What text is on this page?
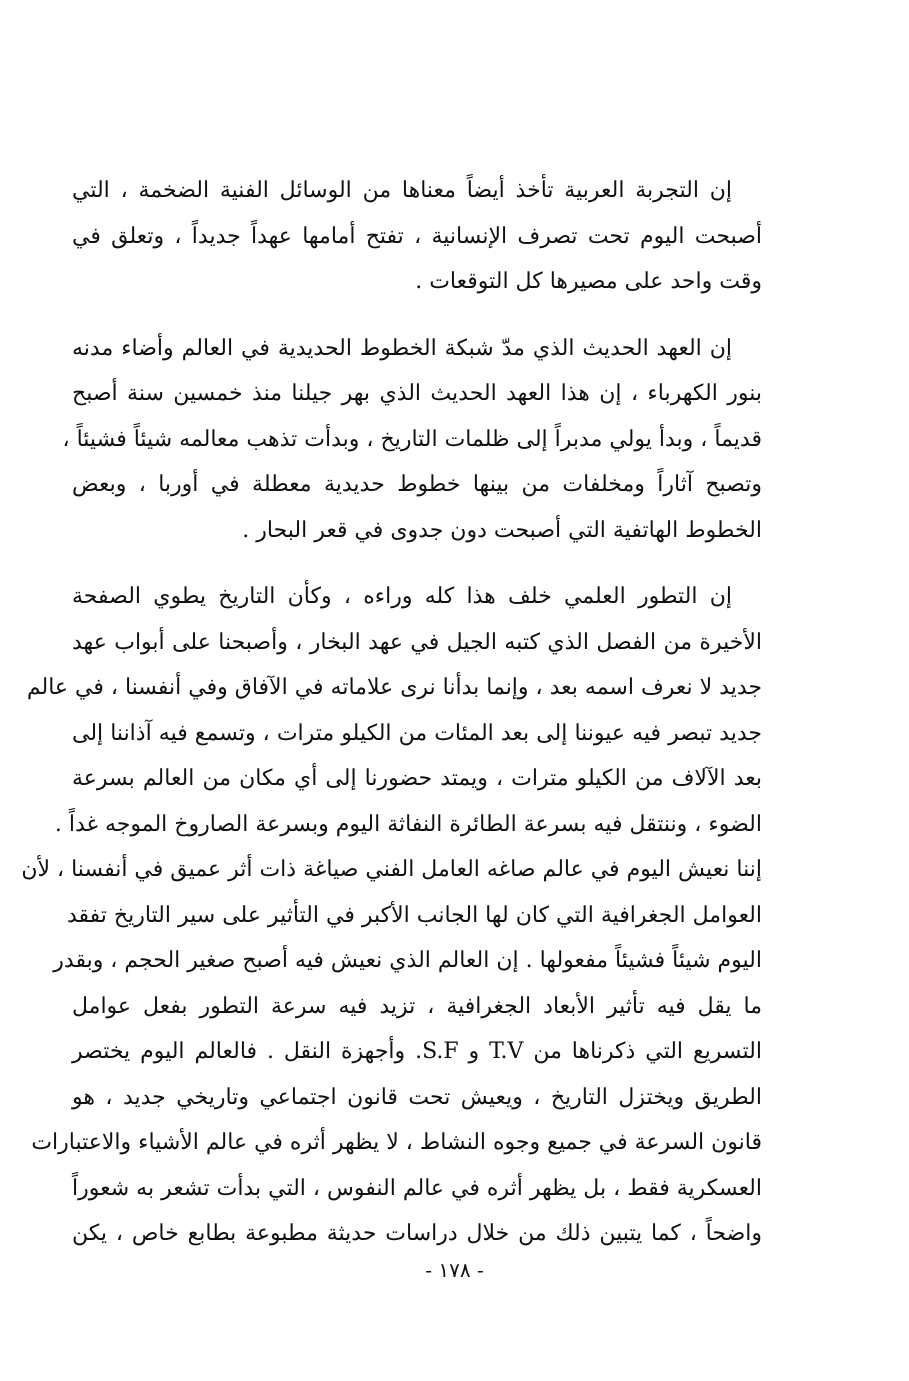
إن التجربة العربية تأخذ أيضاً معناها من الوسائل الفنية الضخمة ، التي
أصبحت اليوم تحت تصرف الإنسانية ، تفتح أمامها عهداً جديداً ، وتعلق في
وقت واحد على مصيرها كل التوقعات .

إن العهد الحديث الذي مدّ شبكة الخطوط الحديدية في العالم وأضاء مدنه
بنور الكهرباء ، إن هذا العهد الحديث الذي بهر جيلنا منذ خمسين سنة أصبح
قديماً ، وبدأ يولي مدبراً إلى ظلمات التاريخ ، وبدأت تذهب معالمه شيئاً فشيئاً ،
وتصبح آثاراً ومخلفات من بينها خطوط حديدية معطلة في أوربا ، وبعض
الخطوط الهاتفية التي أصبحت دون جدوى في قعر البحار .

إن التطور العلمي خلف هذا كله وراءه ، وكأن التاريخ يطوي الصفحة
الأخيرة من الفصل الذي كتبه الجيل في عهد البخار ، وأصبحنا على أبواب عهد
جديد لا نعرف اسمه بعد ، وإنما بدأنا نرى علاماته في الآفاق وفي أنفسنا ، في عالم
جديد تبصر فيه عيوننا إلى بعد المئات من الكيلو مترات ، وتسمع فيه آذاننا إلى
بعد الآلاف من الكيلو مترات ، ويمتد حضورنا إلى أي مكان من العالم بسرعة
الضوء ، وننتقل فيه بسرعة الطائرة النفاثة اليوم وبسرعة الصاروخ الموجه غداً .
إننا نعيش اليوم في عالم صاغه العامل الفني صياغة ذات أثر عميق في أنفسنا ، لأن
العوامل الجغرافية التي كان لها الجانب الأكبر في التأثير على سير التاريخ تفقد
اليوم شيئاً فشيئاً مفعولها . إن العالم الذي نعيش فيه أصبح صغير الحجم ، وبقدر
ما يقل فيه تأثير الأبعاد الجغرافية ، تزيد فيه سرعة التطور بفعل عوامل
التسريع التي ذكرناها من T.V و S.F. وأجهزة النقل . فالعالم اليوم يختصر
الطريق ويختزل التاريخ ، ويعيش تحت قانون اجتماعي وتاريخي جديد ، هو
قانون السرعة في جميع وجوه النشاط ، لا يظهر أثره في عالم الأشياء والاعتبارات
العسكرية فقط ، بل يظهر أثره في عالم النفوس ، التي بدأت تشعر به شعوراً
واضحاً ، كما يتبين ذلك من خلال دراسات حديثة مطبوعة بطابع خاص ، يكن

- ١٧٨ -
